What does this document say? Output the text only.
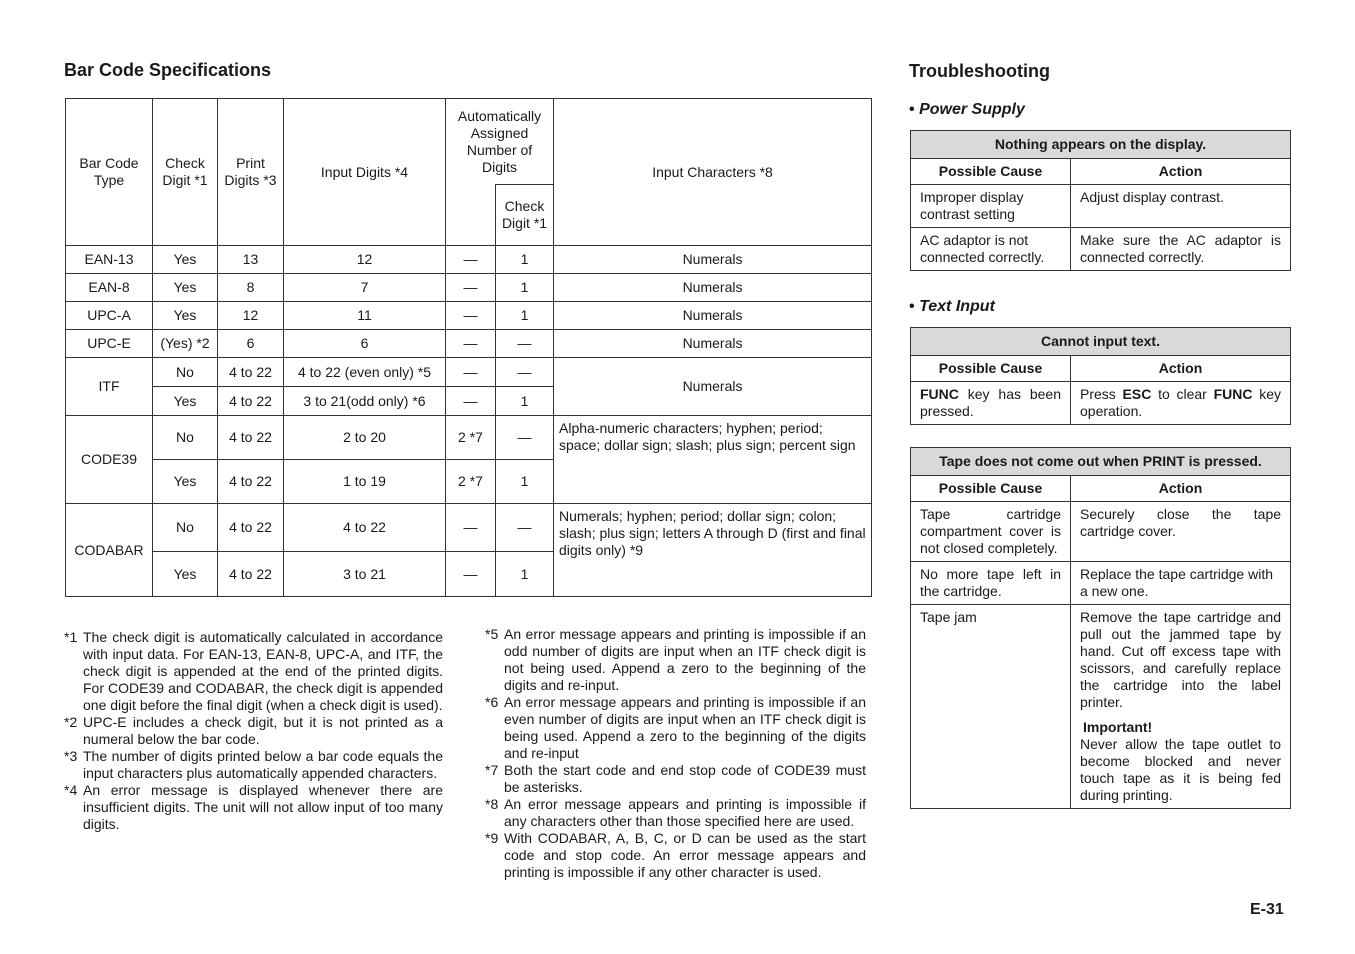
Bar Code Specifications
Bar Code Type	Check Digit *1	Print Digits *3	Input Digits *4	Automatically Assigned Number of Digits		Input Characters *8
					Check Digit *1	
EAN-13	Yes	13	12	—	1	Numerals
EAN-8	Yes	8	7	—	1	Numerals
UPC-A	Yes	12	11	—	1	Numerals
UPC-E	(Yes) *2	6	6	—	—	Numerals
ITF	No	4 to 22	4 to 22 (even only) *5	—	—	Numerals
	Yes	4 to 22	3 to 21(odd only) *6	—	1	
CODE39	No	4 to 22	2 to 20	2 *7	—	Alpha-numeric characters; hyphen; period; space; dollar sign; slash; plus sign; percent sign
	Yes	4 to 22	1 to 19	2 *7	1	
CODABAR	No	4 to 22	4 to 22	—	—	Numerals; hyphen; period; dollar sign; colon; slash; plus sign; letters A through D (first and final digits only) *9
	Yes	4 to 22	3 to 21	—	1	
*1 The check digit is automatically calculated in accordance with input data. For EAN-13, EAN-8, UPC-A, and ITF, the check digit is appended at the end of the printed digits. For CODE39 and CODABAR, the check digit is appended one digit before the final digit (when a check digit is used).
*2 UPC-E includes a check digit, but it is not printed as a numeral below the bar code.
*3 The number of digits printed below a bar code equals the input characters plus automatically appended characters.
*4 An error message is displayed whenever there are insufficient digits. The unit will not allow input of too many digits.
*5 An error message appears and printing is impossible if an odd number of digits are input when an ITF check digit is not being used. Append a zero to the beginning of the digits and re-input.
*6 An error message appears and printing is impossible if an even number of digits are input when an ITF check digit is being used. Append a zero to the beginning of the digits and re-input
*7 Both the start code and end stop code of CODE39 must be asterisks.
*8 An error message appears and printing is impossible if any characters other than those specified here are used.
*9 With CODABAR, A, B, C, or D can be used as the start code and stop code. An error message appears and printing is impossible if any other character is used.
Troubleshooting
• Power Supply
Nothing appears on the display.	
Possible Cause	Action
Improper display contrast setting	Adjust display contrast.
AC adaptor is not connected correctly.	Make sure the AC adaptor is connected correctly.
• Text Input
Cannot input text.	
Possible Cause	Action
FUNC key has been pressed.	Press ESC to clear FUNC key operation.
Tape does not come out when PRINT is pressed.	
Possible Cause	Action
Tape cartridge compartment cover is not closed completely.	Securely close the tape cartridge cover.
No more tape left in the cartridge.	Replace the tape cartridge with a new one.
Tape jam	Remove the tape cartridge and pull out the jammed tape by hand. Cut off excess tape with scissors, and carefully replace the cartridge into the label printer.
Important!
Never allow the tape outlet to become blocked and never touch tape as it is being fed during printing.
E-31
